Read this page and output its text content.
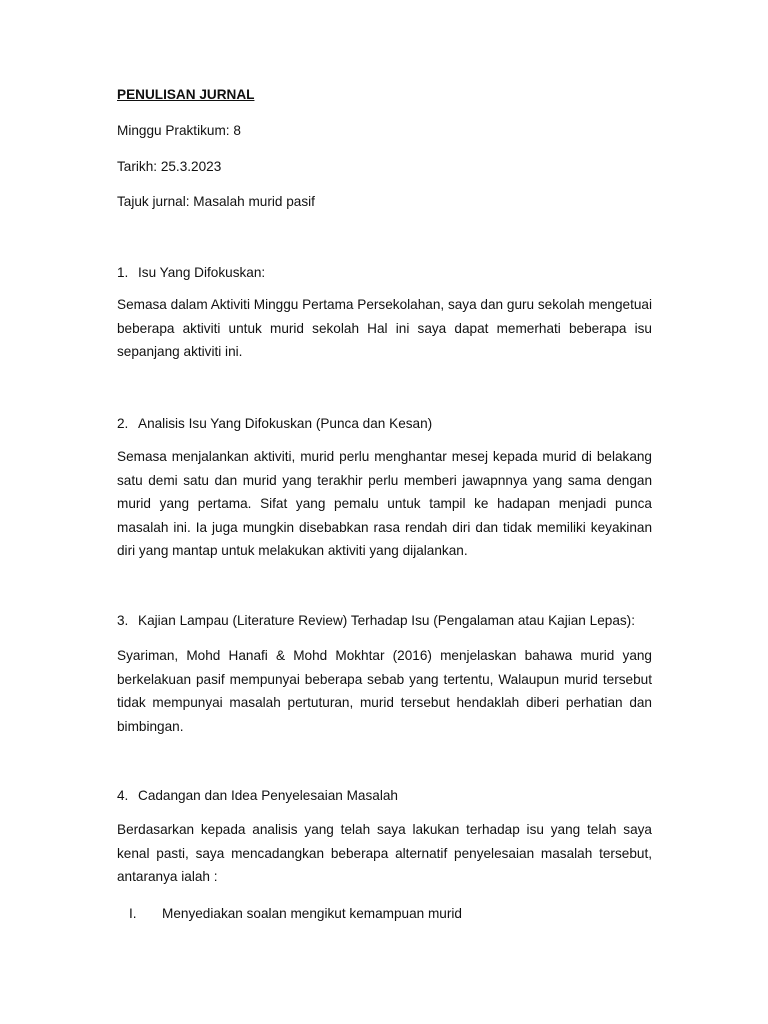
PENULISAN JURNAL
Minggu Praktikum: 8
Tarikh: 25.3.2023
Tajuk jurnal: Masalah murid pasif
1. Isu Yang Difokuskan:
Semasa dalam Aktiviti Minggu Pertama Persekolahan, saya dan guru sekolah mengetuai beberapa aktiviti untuk murid sekolah Hal ini saya dapat memerhati beberapa isu sepanjang aktiviti ini.
2. Analisis Isu Yang Difokuskan (Punca dan Kesan)
Semasa menjalankan aktiviti, murid perlu menghantar mesej kepada murid di belakang satu demi satu dan murid yang terakhir perlu memberi jawapnnya yang sama dengan murid yang pertama. Sifat yang pemalu untuk tampil ke hadapan menjadi punca masalah ini. Ia juga mungkin disebabkan rasa rendah diri dan tidak memiliki keyakinan diri yang mantap untuk melakukan aktiviti yang dijalankan.
3. Kajian Lampau (Literature Review) Terhadap Isu (Pengalaman atau Kajian Lepas):
Syariman, Mohd Hanafi & Mohd Mokhtar (2016) menjelaskan bahawa murid yang berkelakuan pasif mempunyai beberapa sebab yang tertentu, Walaupun murid tersebut tidak mempunyai masalah pertuturan, murid tersebut hendaklah diberi perhatian dan bimbingan.
4. Cadangan dan Idea Penyelesaian Masalah
Berdasarkan kepada analisis yang telah saya lakukan terhadap isu yang telah saya kenal pasti, saya mencadangkan beberapa alternatif penyelesaian masalah tersebut, antaranya ialah :
I. Menyediakan soalan mengikut kemampuan murid
